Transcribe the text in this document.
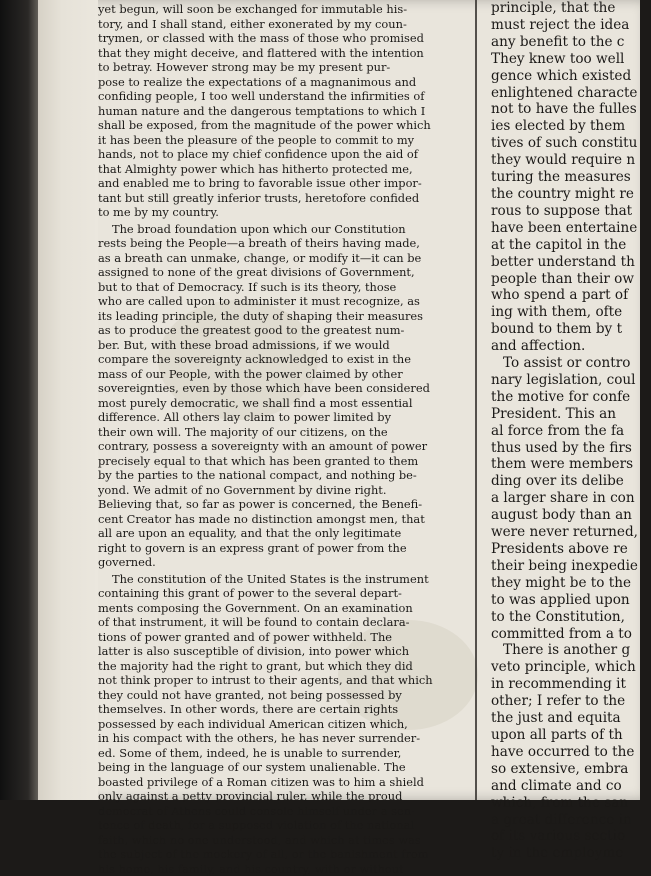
yet begun, will soon be exchanged for immutable his-
tory, and I shall stand, either exonerated by my coun-
trymen, or classed with the mass of those who promised
that they might deceive, and flattered with the intention
to betray. However strong may be my present pur-
pose to realize the expectations of a magnanimous and
confiding people, I too well understand the infirmities of
human nature and the dangerous temptations to which I
shall be exposed, from the magnitude of the power which
it has been the pleasure of the people to commit to my
hands, not to place my chief confidence upon the aid of
that Almighty power which has hitherto protected me,
and enabled me to bring to favorable issue other impor-
tant but still greatly inferior trusts, heretofore confided
to me by my country.
The broad foundation upon which our Constitution
rests being the People—a breath of theirs having made,
as a breath can unmake, change, or modify it—it can be
assigned to none of the great divisions of Government,
but to that of Democracy. If such is its theory, those
who are called upon to administer it must recognize, as
its leading principle, the duty of shaping their measures
as to produce the greatest good to the greatest num-
ber. But, with these broad admissions, if we would
compare the sovereignty acknowledged to exist in the
mass of our People, with the power claimed by other
sovereignties, even by those which have been considered
most purely democratic, we shall find a most essential
difference. All others lay claim to power limited by
their own will. The majority of our citizens, on the
contrary, possess a sovereignty with an amount of power
precisely equal to that which has been granted to them
by the parties to the national compact, and nothing be-
yond. We admit of no Government by divine right.
Believing that, so far as power is concerned, the Benefi-
cent Creator has made no distinction amongst men, that
all are upon an equality, and that the only legitimate
right to govern is an express grant of power from the
governed.
The constitution of the United States is the instrument
containing this grant of power to the several depart-
ments composing the Government. On an examination
of that instrument, it will be found to contain declara-
tions of power granted and of power withheld. The
latter is also susceptible of division, into power which
the majority had the right to grant, but which they did
not think proper to intrust to their agents, and that which
they could not have granted, not being possessed by
themselves. In other words, there are certain rights
possessed by each individual American citizen which,
in his compact with the others, he has never surrender-
ed. Some of them, indeed, he is unable to surrender,
being in the language of our system unalienable. The
boasted privilege of a Roman citizen was to him a shield
only against a petty provincial ruler, while the proud
democrat of Athens could console himself under a sen-
tence of death, for a supposed violation of the national
faith, which no one understood, and which at times was
the subject of the mockery of all, or the banishment from
his home, his family, and his country, with or without
principle, that the
must reject the idea
any benefit to the c
They knew too well
gence which existed
enlightened characte
not to have the fulles
ies elected by them
tives of such constitu
they would require n
turing the measures
the country might re
rous to suppose that
have been entertaine
at the capitol in the
better understand th
people than their ow
who spend a part of
ing with them, ofte
bound to them by t
and affection.
To assist or contro
nary legislation, coul
the motive for confe
President. This an
al force from the fa
thus used by the firs
them were members
ding over its delibe
a larger share in con
august body than an
were never returned,
Presidents above re
their being inexpedie
they might be to the
to was applied upon
to the Constitution,
committed from a to
There is another g
veto principle, which
in recommending it
other; I refer to the
the just and equita
upon all parts of th
have occurred to the
so extensive, embra
and climate and co
which, from the san
a great difference in
of its various sectio
ty in the employme
